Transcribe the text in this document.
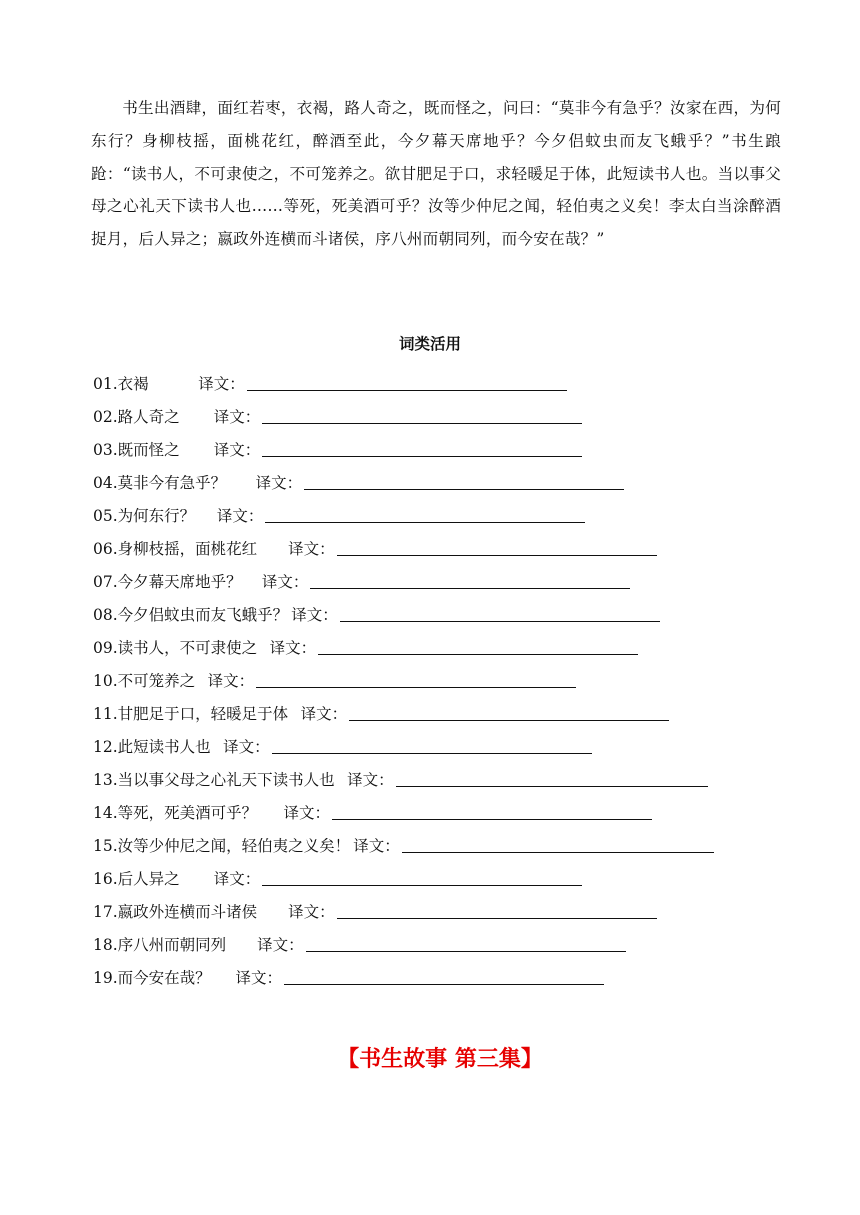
书生出酒肆，面红若枣，衣褐，路人奇之，既而怪之，问曰：“莫非今有急乎？汝家在西，为何东行？身柳枝摇，面桃花红，醉酒至此，今夕幕天席地乎？今夕侣蚊虫而友飞蛾乎？”书生踉跄：“读书人，不可隶使之，不可笼养之。欲甘肥足于口，求轻暖足于体，此短读书人也。当以事父母之心礼天下读书人也……等死，死美酒可乎？汝等少仲尼之闻，轻伯夷之义矣！李太白当涂醉酒捉月，后人异之；嬴政外连横而斗诸侯，序八州而朝同列，而今安在哉？”
词类活用
01. 衣褐	译文：
02. 路人奇之 译文：
03. 既而怪之 译文：
04. 莫非今有急乎？ 译文：
05. 为何东行？ 译文：
06. 身柳枝摇，面桃花红 译文：
07. 今夕幕天席地乎？ 译文：
08. 今夕侣蚊虫而友飞蛾乎？ 译文：
09. 读书人，不可隶使之 译文：
10. 不可笼养之 译文：
11. 甘肥足于口，轻暖足于体 译文：
12. 此短读书人也 译文：
13. 当以事父母之心礼天下读书人也 译文：
14. 等死，死美酒可乎？ 译文：
15. 汝等少仲尼之闻，轻伯夷之义矣！ 译文：
16. 后人异之 译文：
17. 嬴政外连横而斗诸侯 译文：
18. 序八州而朝同列 译文：
19. 而今安在哉？ 译文：
【书生故事 第三集】
